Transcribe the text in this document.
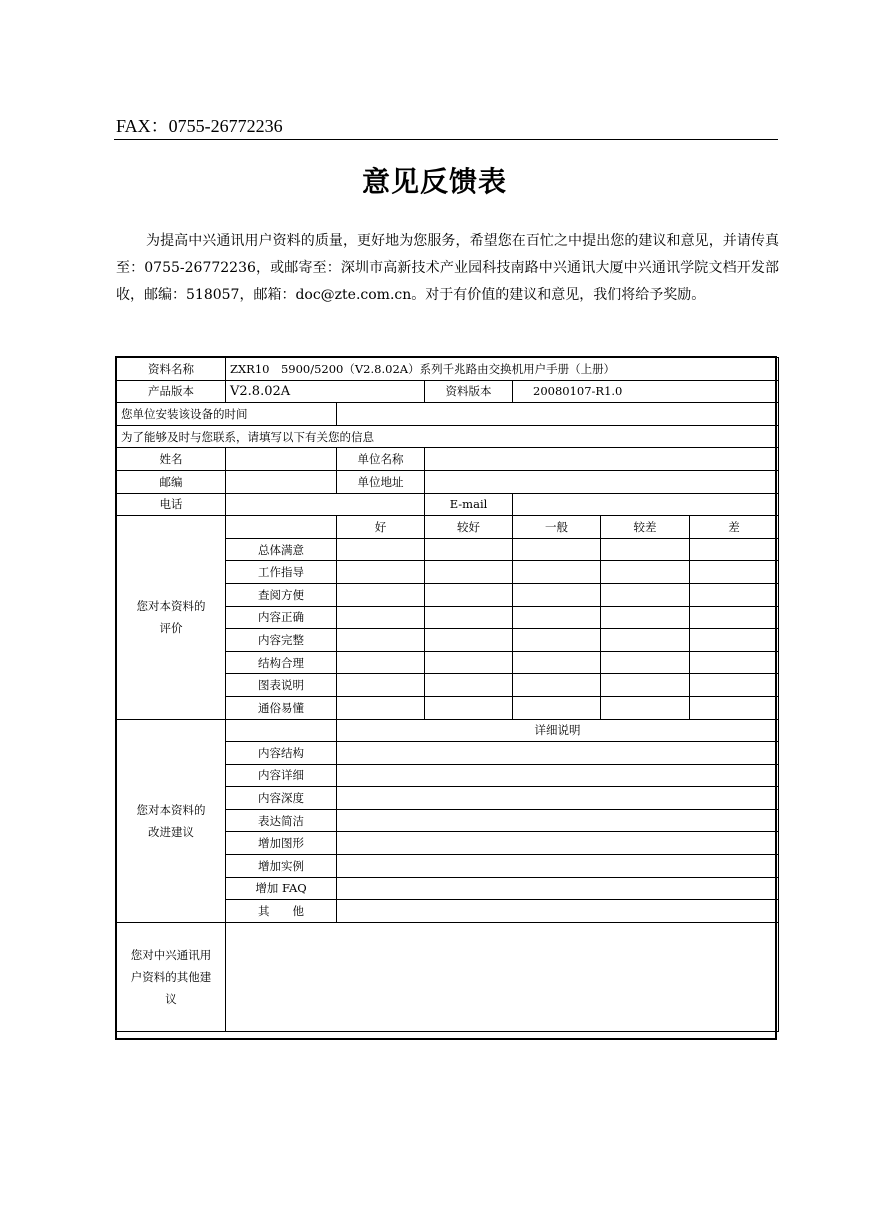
FAX：0755-26772236
意见反馈表
为提高中兴通讯用户资料的质量，更好地为您服务，希望您在百忙之中提出您的建议和意见，并请传真至：0755-26772236，或邮寄至：深圳市高新技术产业园科技南路中兴通讯大厦中兴通讯学院文档开发部收，邮编：518057，邮箱：doc@zte.com.cn。对于有价值的建议和意见，我们将给予奖励。
资料名称	ZXR10　5900/5200（V2.8.02A）系列千兆路由交换机用户手册（上册）					
产品版本	V2.8.02A		资料版本	20080107-R1.0		
您单位安装该设备的时间						
为了能够及时与您联系，请填写以下有关您的信息						
姓名		单位名称				
邮编		单位地址				
电话			E-mail			
您对本资料的评价		好	较好	一般	较差	差
	总体满意					
	工作指导					
	查阅方便					
	内容正确					
	内容完整					
	结构合理					
	图表说明					
	通俗易懂					
您对本资料的改进建议		详细说明				
	内容结构					
	内容详细					
	内容深度					
	表达简洁					
	增加图形					
	增加实例					
	增加 FAQ					
	其　　他					
您对中兴通讯用户资料的其他建议						
